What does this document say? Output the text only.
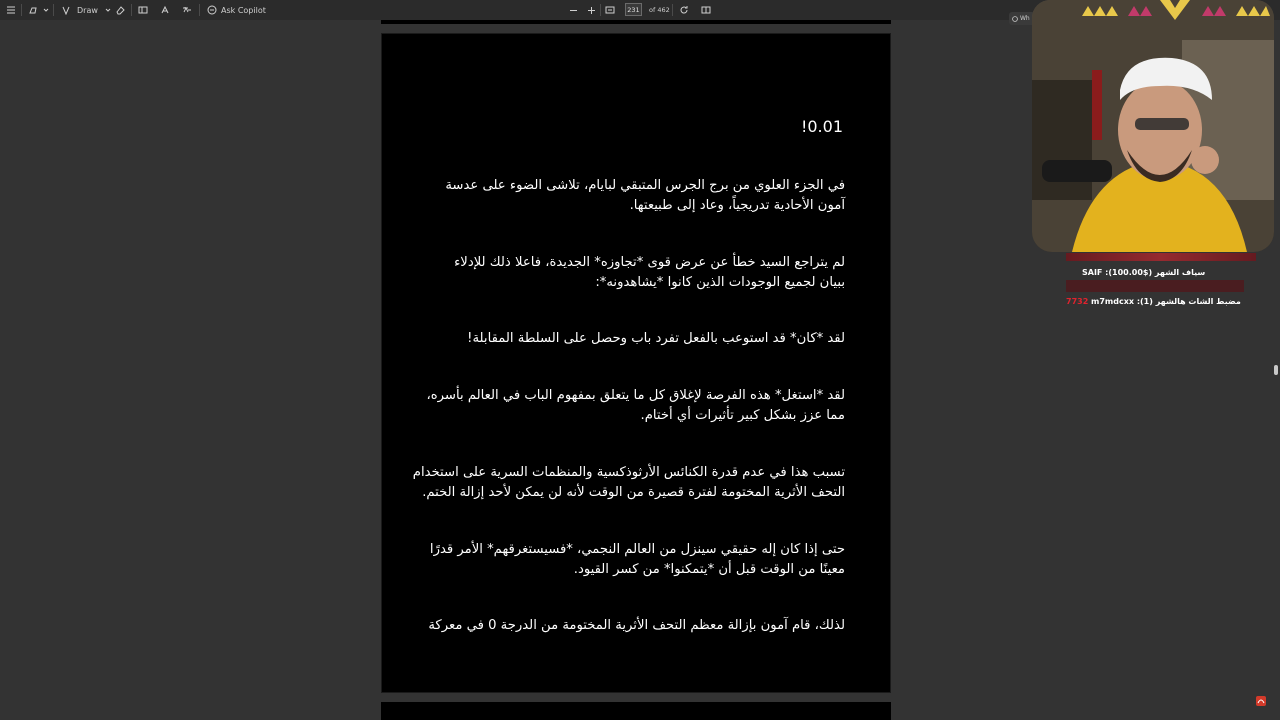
Draw	Ask Copilot	231	of 462
!0.01
في الجزء العلوي من برج الجرس المتبقي لبايام، تلاشى الضوء على عدسة
آمون الأحادية تدريجياً، وعاد إلى طبيعتها.
لم يتراجع السيد خطأ عن عرض قوى *تجاوزه* الجديدة، فاعلا ذلك للإدلاء
ببيان لجميع الوجودات الذين كانوا *يشاهدونه*:
لقد *كان* قد استوعب بالفعل تفرد باب وحصل على السلطة المقابلة!
لقد *استغل* هذه الفرصة لإغلاق كل ما يتعلق بمفهوم الباب في العالم بأسره،
مما عزز بشكل كبير تأثيرات أي أختام.
تسبب هذا في عدم قدرة الكنائس الأرثوذكسية والمنظمات السرية على استخدام
التحف الأثرية المختومة لفترة قصيرة من الوقت لأنه لن يمكن لأحد إزالة الختم.
حتى إذا كان إله حقيقي سينزل من العالم النجمي، *فسيستغرقهم* الأمر قدرًا
معينًا من الوقت قبل أن *يتمكنوا* من كسر القيود.
لذلك، قام آمون بإزالة معظم التحف الأثرية المختومة من الدرجة 0 في معركة
Wh
SAIF :سياف الشهر ($100.00)
m7mdcxx :(1) مضبط الشات هالشهر
7732
